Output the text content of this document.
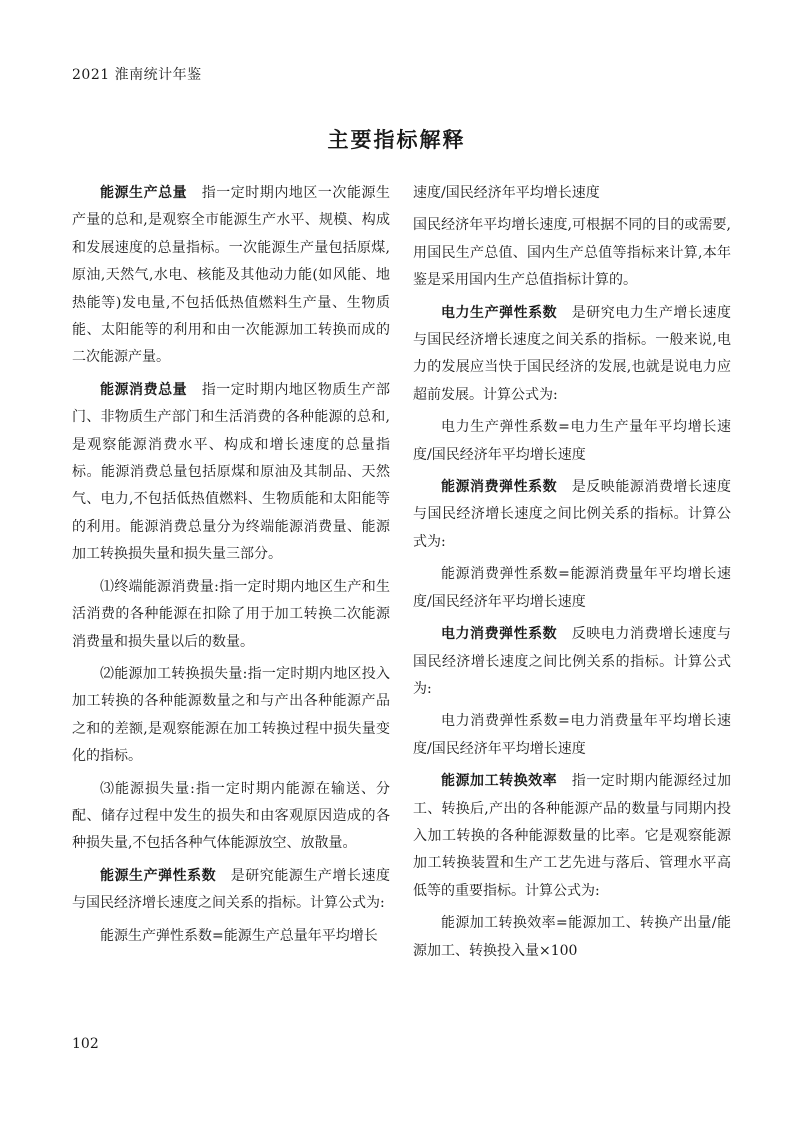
2021 淮南统计年鉴
主要指标解释

能源生产总量 指一定时期内地区一次能源生产量的总和,是观察全市能源生产水平、规模、构成和发展速度的总量指标。一次能源生产量包括原煤,原油,天然气,水电、核能及其他动力能(如风能、地热能等)发电量,不包括低热值燃料生产量、生物质能、太阳能等的利用和由一次能源加工转换而成的二次能源产量。

能源消费总量 指一定时期内地区物质生产部门、非物质生产部门和生活消费的各种能源的总和,是观察能源消费水平、构成和增长速度的总量指标。能源消费总量包括原煤和原油及其制品、天然气、电力,不包括低热值燃料、生物质能和太阳能等的利用。能源消费总量分为终端能源消费量、能源加工转换损失量和损失量三部分。

⑴终端能源消费量:指一定时期内地区生产和生活消费的各种能源在扣除了用于加工转换二次能源消费量和损失量以后的数量。

⑵能源加工转换损失量:指一定时期内地区投入加工转换的各种能源数量之和与产出各种能源产品之和的差额,是观察能源在加工转换过程中损失量变化的指标。

⑶能源损失量:指一定时期内能源在输送、分配、储存过程中发生的损失和由客观原因造成的各种损失量,不包括各种气体能源放空、放散量。

能源生产弹性系数 是研究能源生产增长速度与国民经济增长速度之间关系的指标。计算公式为:

能源生产弹性系数=能源生产总量年平均增长

速度/国民经济年平均增长速度

国民经济年平均增长速度,可根据不同的目的或需要,用国民生产总值、国内生产总值等指标来计算,本年鉴是采用国内生产总值指标计算的。

电力生产弹性系数 是研究电力生产增长速度与国民经济增长速度之间关系的指标。一般来说,电力的发展应当快于国民经济的发展,也就是说电力应超前发展。计算公式为:

电力生产弹性系数=电力生产量年平均增长速度/国民经济年平均增长速度

能源消费弹性系数 是反映能源消费增长速度与国民经济增长速度之间比例关系的指标。计算公式为:

能源消费弹性系数=能源消费量年平均增长速度/国民经济年平均增长速度

电力消费弹性系数 反映电力消费增长速度与国民经济增长速度之间比例关系的指标。计算公式为:

电力消费弹性系数=电力消费量年平均增长速度/国民经济年平均增长速度

能源加工转换效率 指一定时期内能源经过加工、转换后,产出的各种能源产品的数量与同期内投入加工转换的各种能源数量的比率。它是观察能源加工转换装置和生产工艺先进与落后、管理水平高低等的重要指标。计算公式为:

能源加工转换效率=能源加工、转换产出量/能源加工、转换投入量×100

102
